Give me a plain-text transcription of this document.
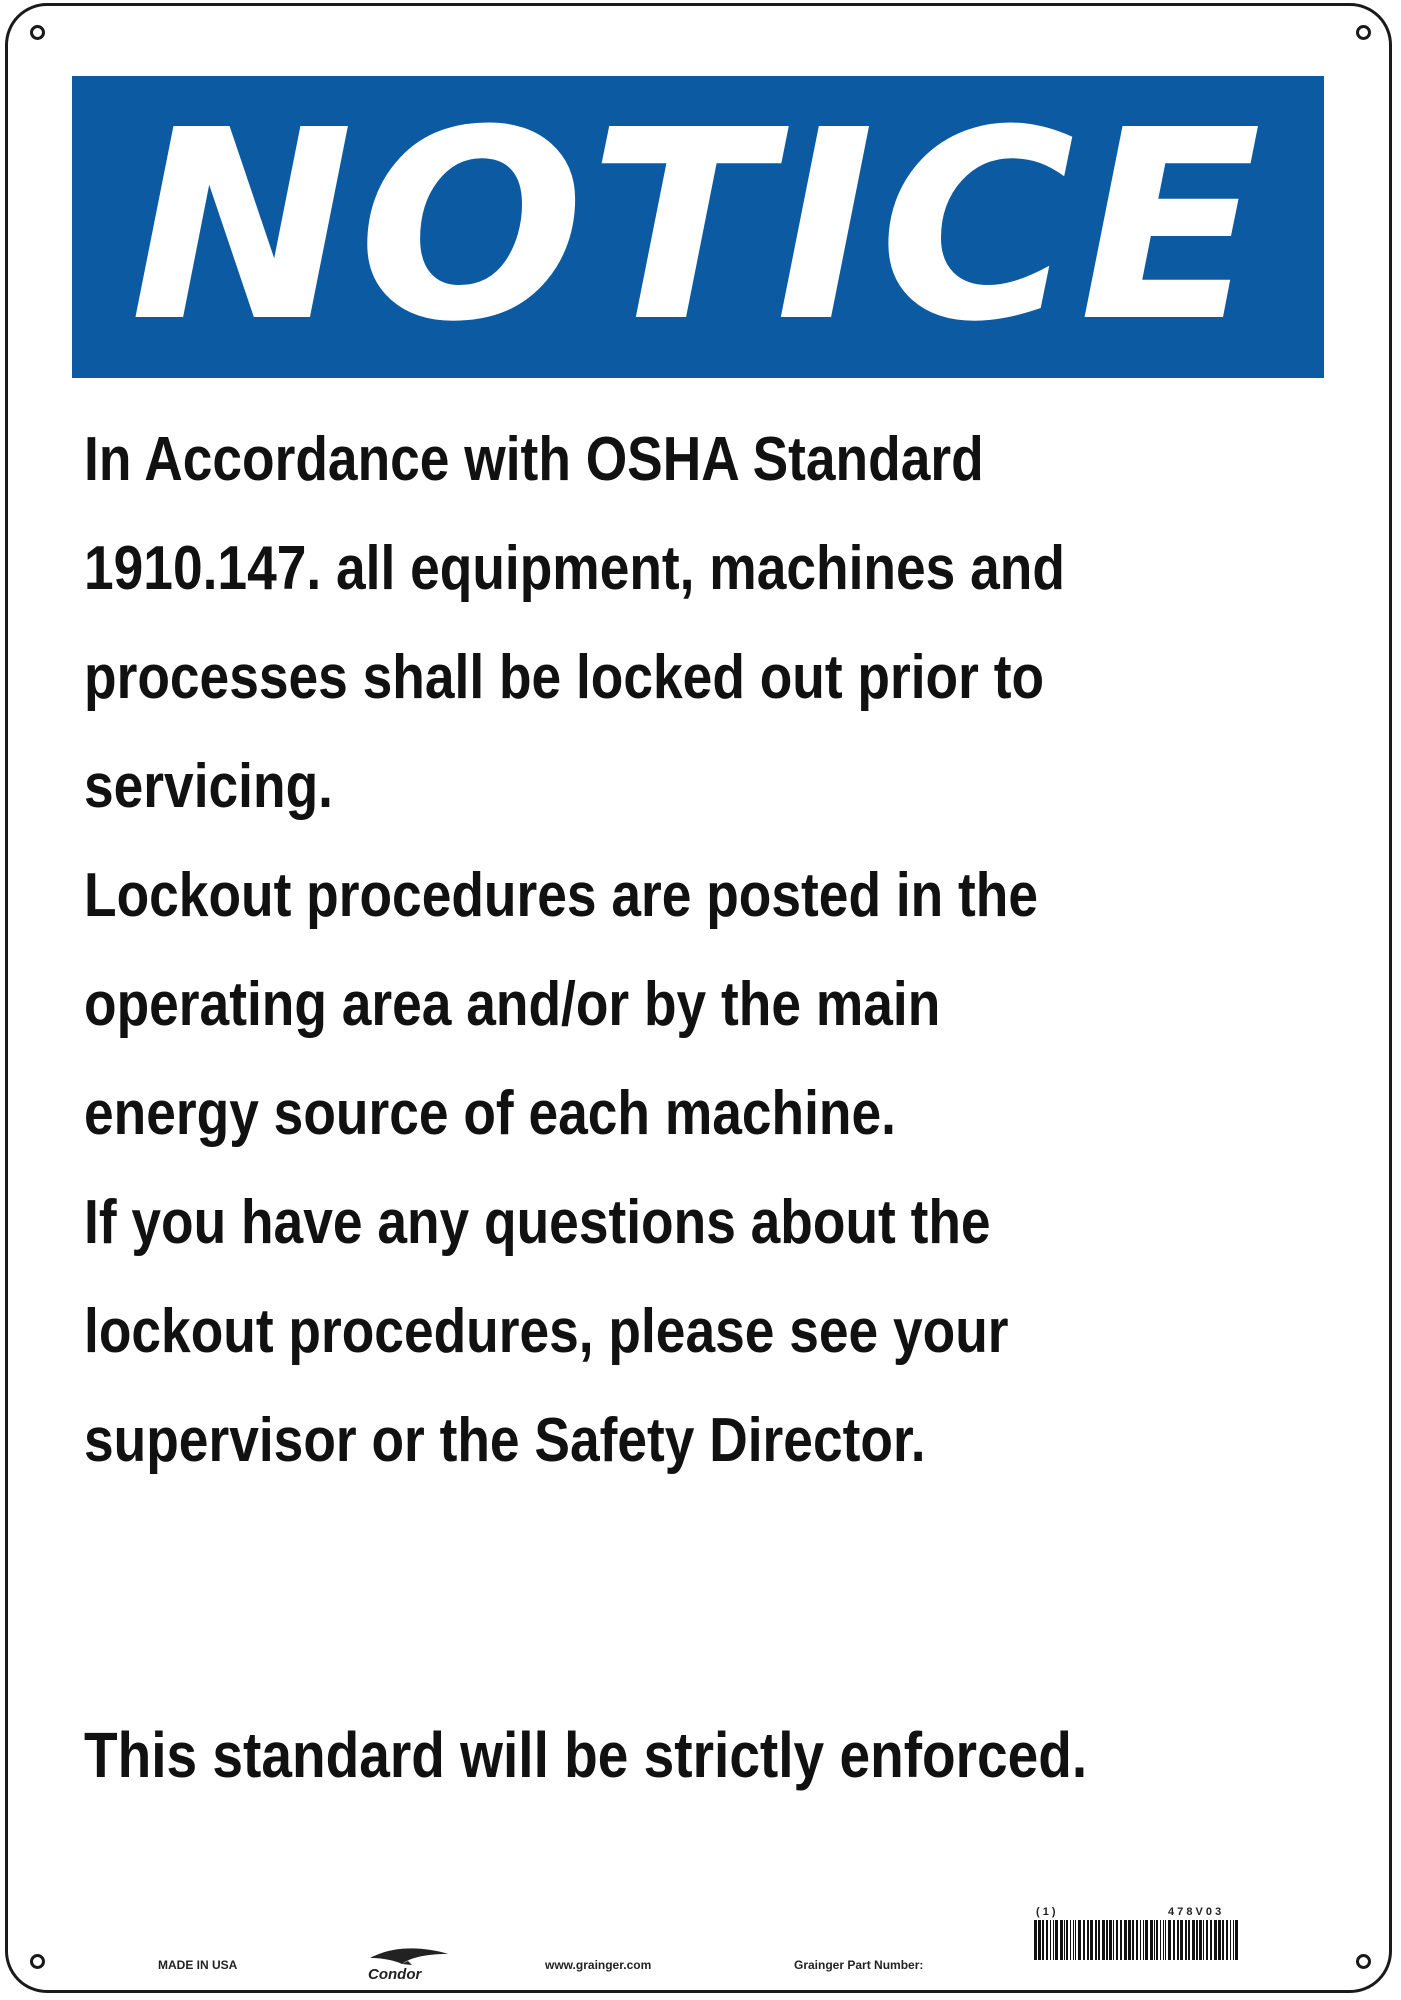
NOTICE
In Accordance with OSHA Standard
1910.147. all equipment, machines and
processes shall be locked out prior to
servicing.
Lockout procedures are posted in the
operating area and/or by the main
energy source of each machine.
If you have any questions about the
lockout procedures, please see your
supervisor or the Safety Director.
This standard will be strictly enforced.
MADE IN USA
Condor
www.grainger.com	Grainger Part Number:
( 1 )	4 7 8 V 0 3
